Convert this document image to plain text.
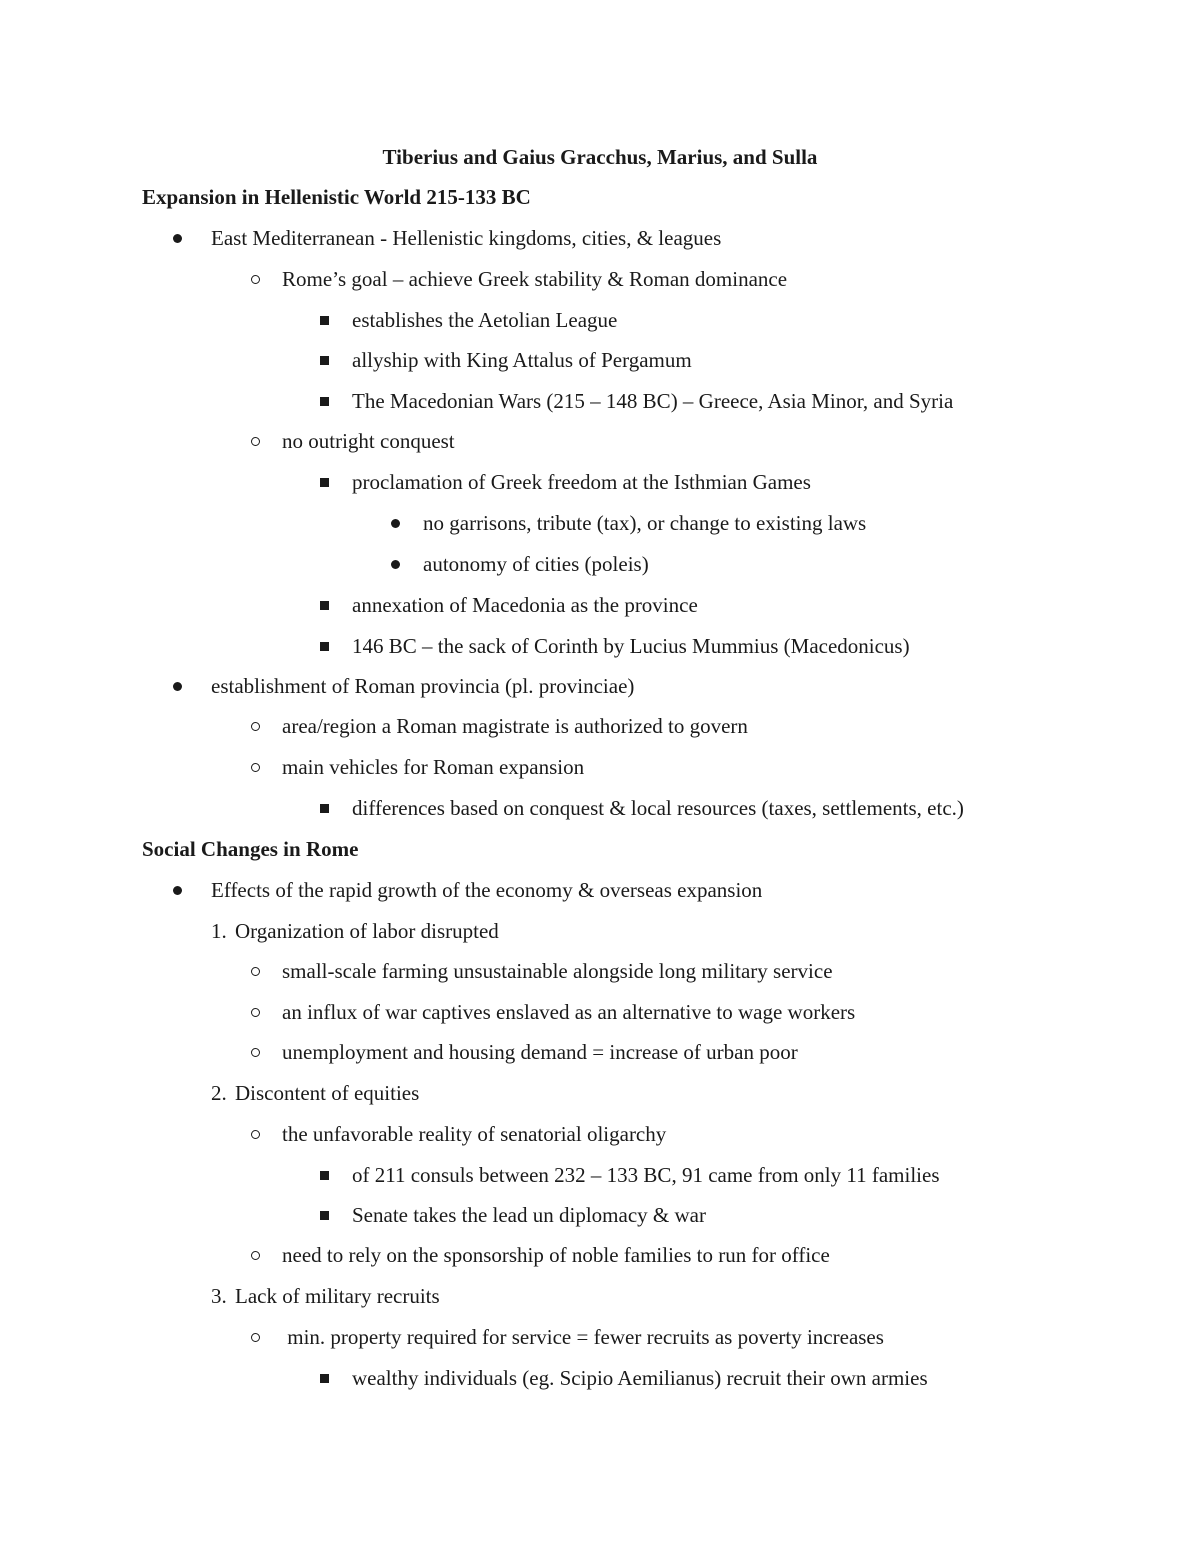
Tiberius and Gaius Gracchus, Marius, and Sulla
Expansion in Hellenistic World 215-133 BC
East Mediterranean - Hellenistic kingdoms, cities, & leagues
Rome’s goal – achieve Greek stability & Roman dominance
establishes the Aetolian League
allyship with King Attalus of Pergamum
The Macedonian Wars (215 – 148 BC) – Greece, Asia Minor, and Syria
no outright conquest
proclamation of Greek freedom at the Isthmian Games
no garrisons, tribute (tax), or change to existing laws
autonomy of cities (poleis)
annexation of Macedonia as the province
146 BC – the sack of Corinth by Lucius Mummius (Macedonicus)
establishment of Roman provincia (pl. provinciae)
area/region a Roman magistrate is authorized to govern
main vehicles for Roman expansion
differences based on conquest & local resources (taxes, settlements, etc.)
Social Changes in Rome
Effects of the rapid growth of the economy & overseas expansion
1. Organization of labor disrupted
small-scale farming unsustainable alongside long military service
an influx of war captives enslaved as an alternative to wage workers
unemployment and housing demand = increase of urban poor
2. Discontent of equities
the unfavorable reality of senatorial oligarchy
of 211 consuls between 232 – 133 BC, 91 came from only 11 families
Senate takes the lead un diplomacy & war
need to rely on the sponsorship of noble families to run for office
3. Lack of military recruits
min. property required for service = fewer recruits as poverty increases
wealthy individuals (eg. Scipio Aemilianus) recruit their own armies
